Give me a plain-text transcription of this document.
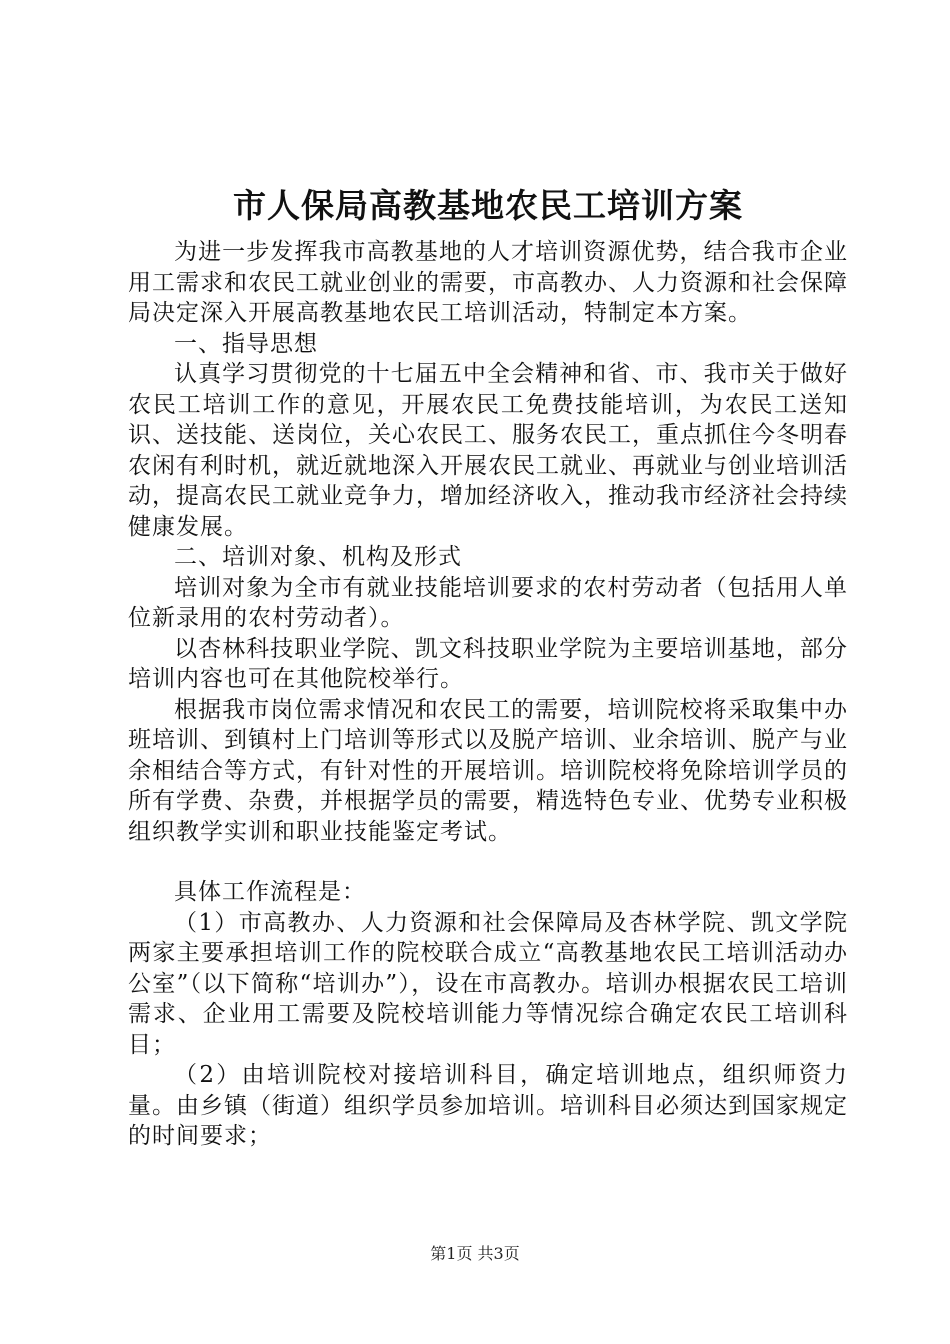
市人保局高教基地农民工培训方案

为进一步发挥我市高教基地的人才培训资源优势，结合我市企业用工需求和农民工就业创业的需要，市高教办、人力资源和社会保障局决定深入开展高教基地农民工培训活动，特制定本方案。

一、指导思想

认真学习贯彻党的十七届五中全会精神和省、市、我市关于做好农民工培训工作的意见，开展农民工免费技能培训，为农民工送知识、送技能、送岗位，关心农民工、服务农民工，重点抓住今冬明春农闲有利时机，就近就地深入开展农民工就业、再就业与创业培训活动，提高农民工就业竞争力，增加经济收入，推动我市经济社会持续健康发展。

二、培训对象、机构及形式

培训对象为全市有就业技能培训要求的农村劳动者（包括用人单位新录用的农村劳动者）。

以杏林科技职业学院、凯文科技职业学院为主要培训基地，部分培训内容也可在其他院校举行。

根据我市岗位需求情况和农民工的需要，培训院校将采取集中办班培训、到镇村上门培训等形式以及脱产培训、业余培训、脱产与业余相结合等方式，有针对性的开展培训。培训院校将免除培训学员的所有学费、杂费，并根据学员的需要，精选特色专业、优势专业积极组织教学实训和职业技能鉴定考试。

具体工作流程是：

（1）市高教办、人力资源和社会保障局及杏林学院、凯文学院两家主要承担培训工作的院校联合成立“高教基地农民工培训活动办公室”（以下简称“培训办”），设在市高教办。培训办根据农民工培训需求、企业用工需要及院校培训能力等情况综合确定农民工培训科目；

（2）由培训院校对接培训科目，确定培训地点，组织师资力量。由乡镇（街道）组织学员参加培训。培训科目必须达到国家规定的时间要求；

第1页 共3页
